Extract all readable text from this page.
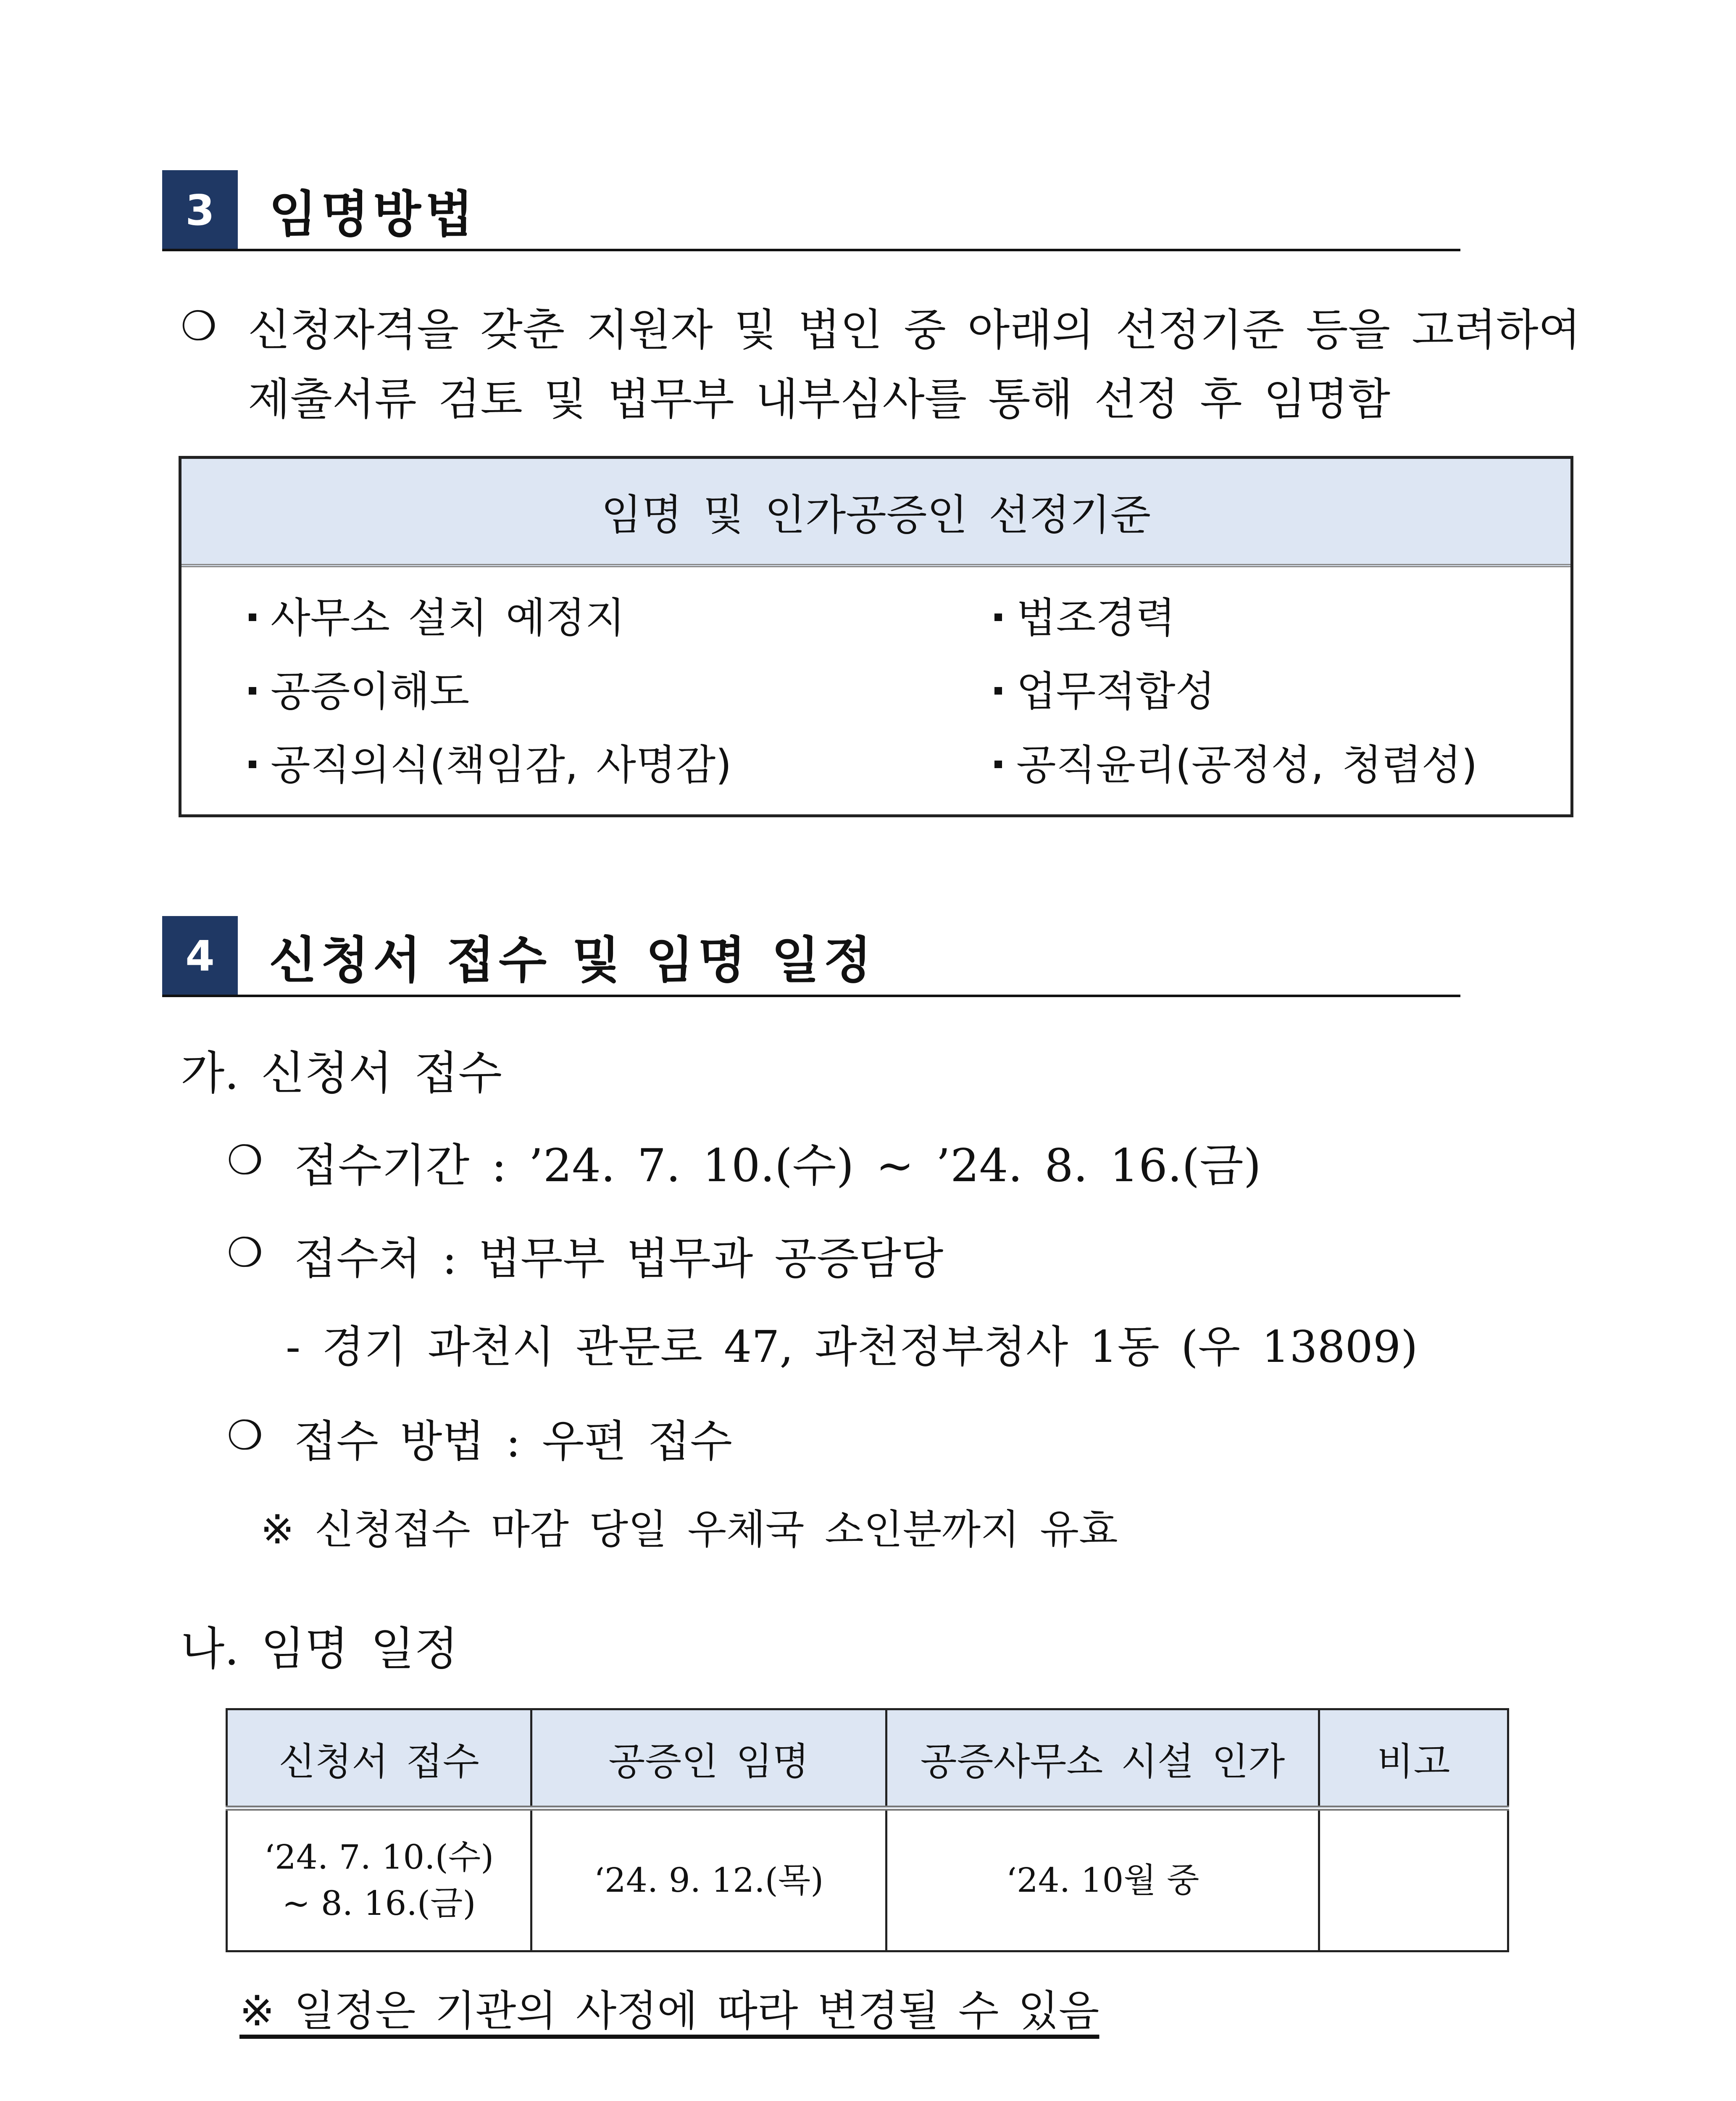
3	임명방법
❍ 신청자격을 갖춘 지원자 및 법인 중 아래의 선정기준 등을 고려하여
제출서류 검토 및 법무부 내부심사를 통해 선정 후 임명함
임명 및 인가공증인 선정기준
사무소 설치 예정지
공증이해도
공직의식(책임감, 사명감)
법조경력
업무적합성
공직윤리(공정성, 청렴성)
4	신청서 접수 및 임명 일정
가. 신청서 접수
❍ 접수기간 : ’24. 7. 10.(수) ~ ’24. 8. 16.(금)
❍ 접수처 : 법무부 법무과 공증담당
- 경기 과천시 관문로 47, 과천정부청사 1동 (우 13809)
❍ 접수 방법 : 우편 접수
※ 신청접수 마감 당일 우체국 소인분까지 유효
나. 임명 일정
신청서 접수	공증인 임명	공증사무소 시설 인가	비고

‘24. 7. 10.(수)
~ 8. 16.(금)	‘24. 9. 12.(목)	‘24. 10월 중	
※ 일정은 기관의 사정에 따라 변경될 수 있음
